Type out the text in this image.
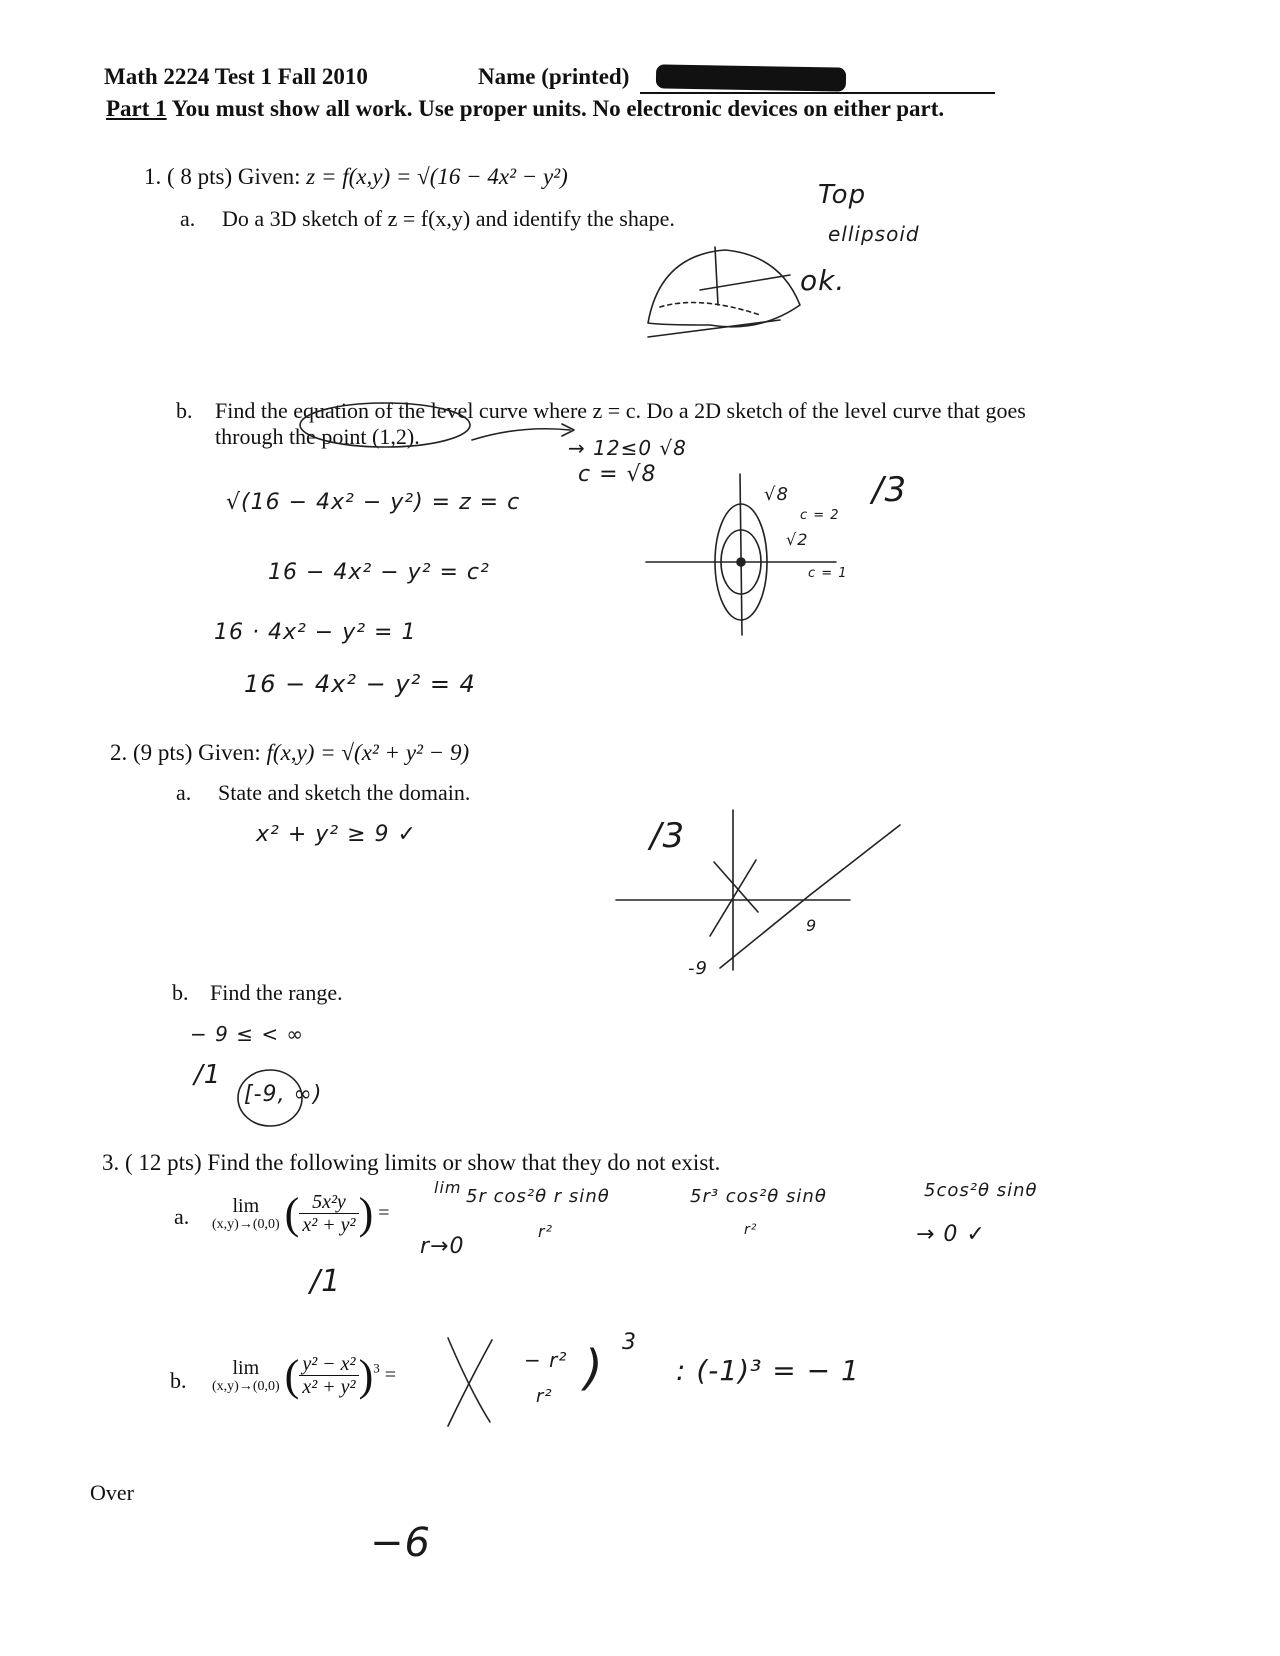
Math 2224 Test 1 Fall 2010	Name (printed)
Part 1 You must show all work. Use proper units. No electronic devices on either part.
1. ( 8 pts) Given: z = f(x,y) = √(16 − 4x² − y²)
a. Do a 3D sketch of z = f(x,y) and identify the shape.
Top
ellipsoid
ok.
b. Find the equation of the level curve where z = c. Do a 2D sketch of the level curve that goes
through the point (1,2).	→ 12≤0 √8
c = √8
√(16 − 4x² − y²) = z = c
16 − 4x² − y² = c²
16 · 4x² − y² = 1
16 − 4x² − y² = 4
√8
c = 2
√2
c = 1
/3
2. (9 pts) Given: f(x,y) = √(x² + y² − 9)
a. State and sketch the domain.
x² + y² ≥ 9 ✓	/3
-9
9
b. Find the range.
− 9 ≤ < ∞
/1
[-9, ∞)
3. ( 12 pts) Find the following limits or show that they do not exist.
a.	lim
(x,y)→(0,0) ( $\frac{\text{5x²y}}{\text{x² + y²}}$ ) =
lim 5r cos²θ r sinθ
r²
r→0
5r³ cos²θ sinθ
r²
5cos²θ sinθ
→ 0 ✓
/1
b.
lim
(x,y)→(0,0) ( $\frac{\text{y² − x²}}{\text{x² + y²}} )^3$ =
− r²
r²
) 3
: (-1)³ = − 1
Over
−6
